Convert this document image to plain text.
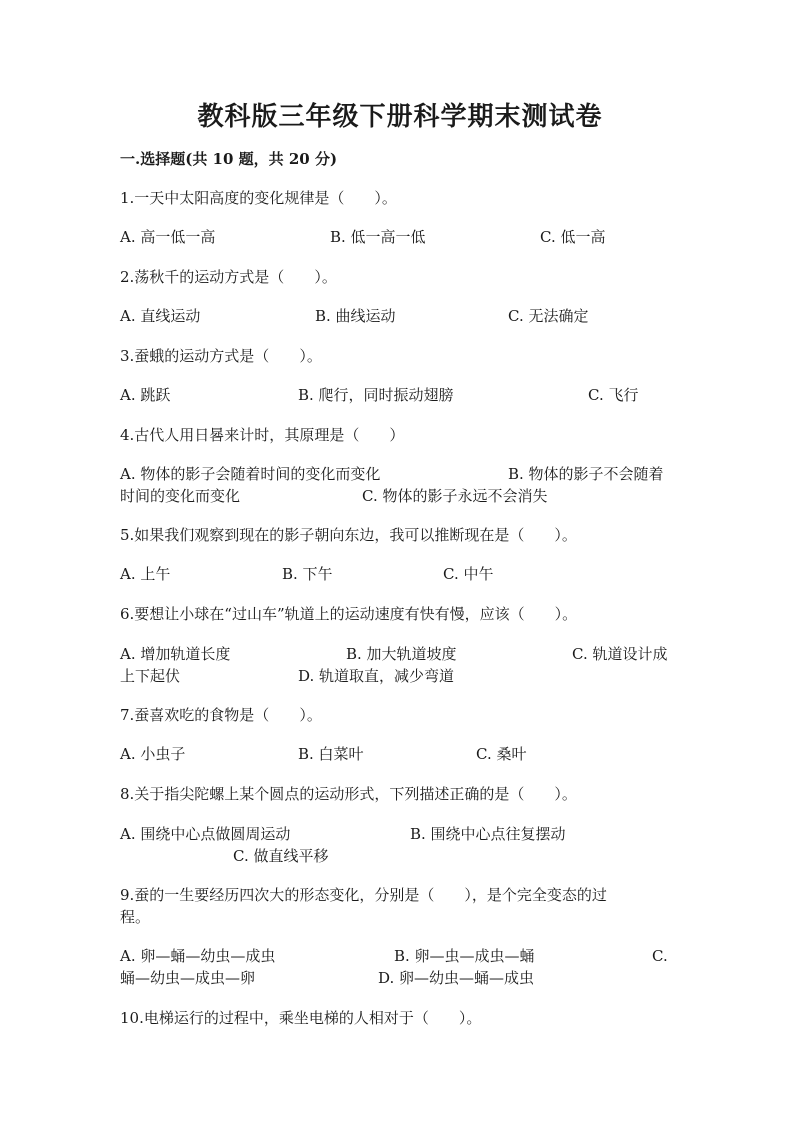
教科版三年级下册科学期末测试卷
一.选择题(共 10 题，共 20 分)
1.一天中太阳高度的变化规律是（　　）。
A. 高一低一高	B. 低一高一低	C. 低一高
2.荡秋千的运动方式是（　　）。
A. 直线运动	B. 曲线运动	C. 无法确定
3.蚕蛾的运动方式是（　　）。
A. 跳跃	B. 爬行，同时振动翅膀	C. 飞行
4.古代人用日晷来计时，其原理是（　　）
A. 物体的影子会随着时间的变化而变化	B. 物体的影子不会随着
时间的变化而变化	C. 物体的影子永远不会消失
5.如果我们观察到现在的影子朝向东边，我可以推断现在是（　　）。
A. 上午	B. 下午	C. 中午
6.要想让小球在“过山车”轨道上的运动速度有快有慢，应该（　　）。
A. 增加轨道长度	B. 加大轨道坡度	C. 轨道设计成
上下起伏	D. 轨道取直，减少弯道
7.蚕喜欢吃的食物是（　　）。
A. 小虫子	B. 白菜叶	C. 桑叶
8.关于指尖陀螺上某个圆点的运动形式，下列描述正确的是（　　）。
A. 围绕中心点做圆周运动	B. 围绕中心点往复摆动
C. 做直线平移
9.蚕的一生要经历四次大的形态变化，分别是（　　），是个完全变态的过
程。
A. 卵—蛹—幼虫—成虫	B. 卵—虫—成虫—蛹	C.
蛹—幼虫—成虫—卵	D. 卵—幼虫—蛹—成虫
10.电梯运行的过程中，乘坐电梯的人相对于（　　）。
